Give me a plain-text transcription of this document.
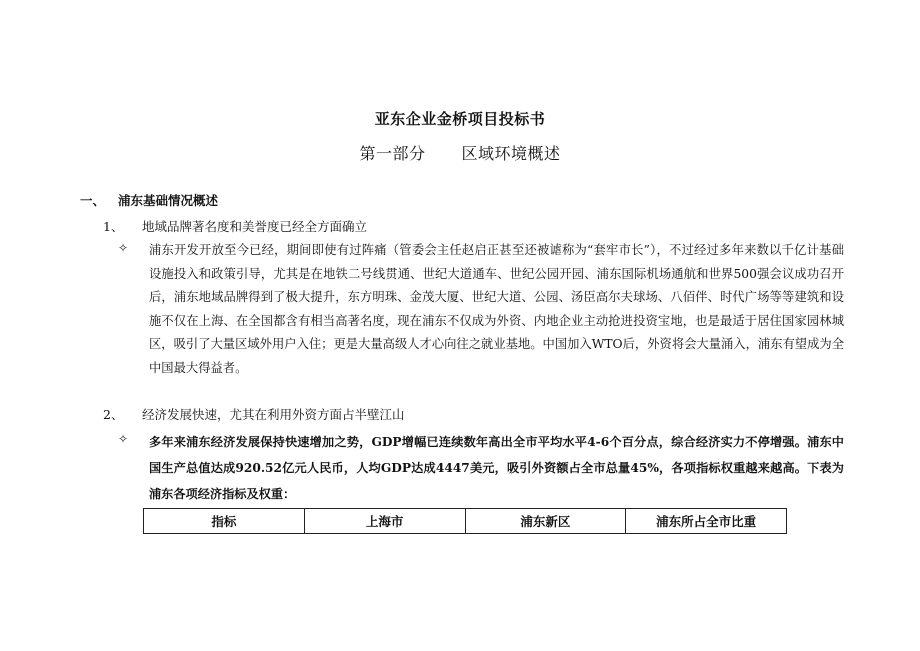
亚东企业金桥项目投标书
第一部分 区域环境概述
一、 浦东基础情况概述
1、 地域品牌著名度和美誉度已经全方面确立
✧ 浦东开发开放至今已经，期间即使有过阵痛（管委会主任赵启正甚至还被谑称为“套牢市长”），不过经过多年来数以千亿计基础设施投入和政策引导，尤其是在地铁二号线贯通、世纪大道通车、世纪公园开园、浦东国际机场通航和世界500强会议成功召开后，浦东地域品牌得到了极大提升，东方明珠、金茂大厦、世纪大道、公园、汤臣高尔夫球场、八佰伴、时代广场等等建筑和设施不仅在上海、在全国都含有相当高著名度，现在浦东不仅成为外资、内地企业主动抢进投资宝地，也是最适于居住国家园林城区，吸引了大量区域外用户入住；更是大量高级人才心向往之就业基地。中国加入WTO后，外资将会大量涌入，浦东有望成为全中国最大得益者。
2、 经济发展快速，尤其在利用外资方面占半壁江山
✧ 多年来浦东经济发展保持快速增加之势，GDP增幅已连续数年高出全市平均水平4-6个百分点，综合经济实力不停增强。浦东中国生产总值达成920.52亿元人民币，人均GDP达成4447美元，吸引外资额占全市总量45%，各项指标权重越来越高。下表为浦东各项经济指标及权重：
指标	上海市	浦东新区	浦东所占全市比重
